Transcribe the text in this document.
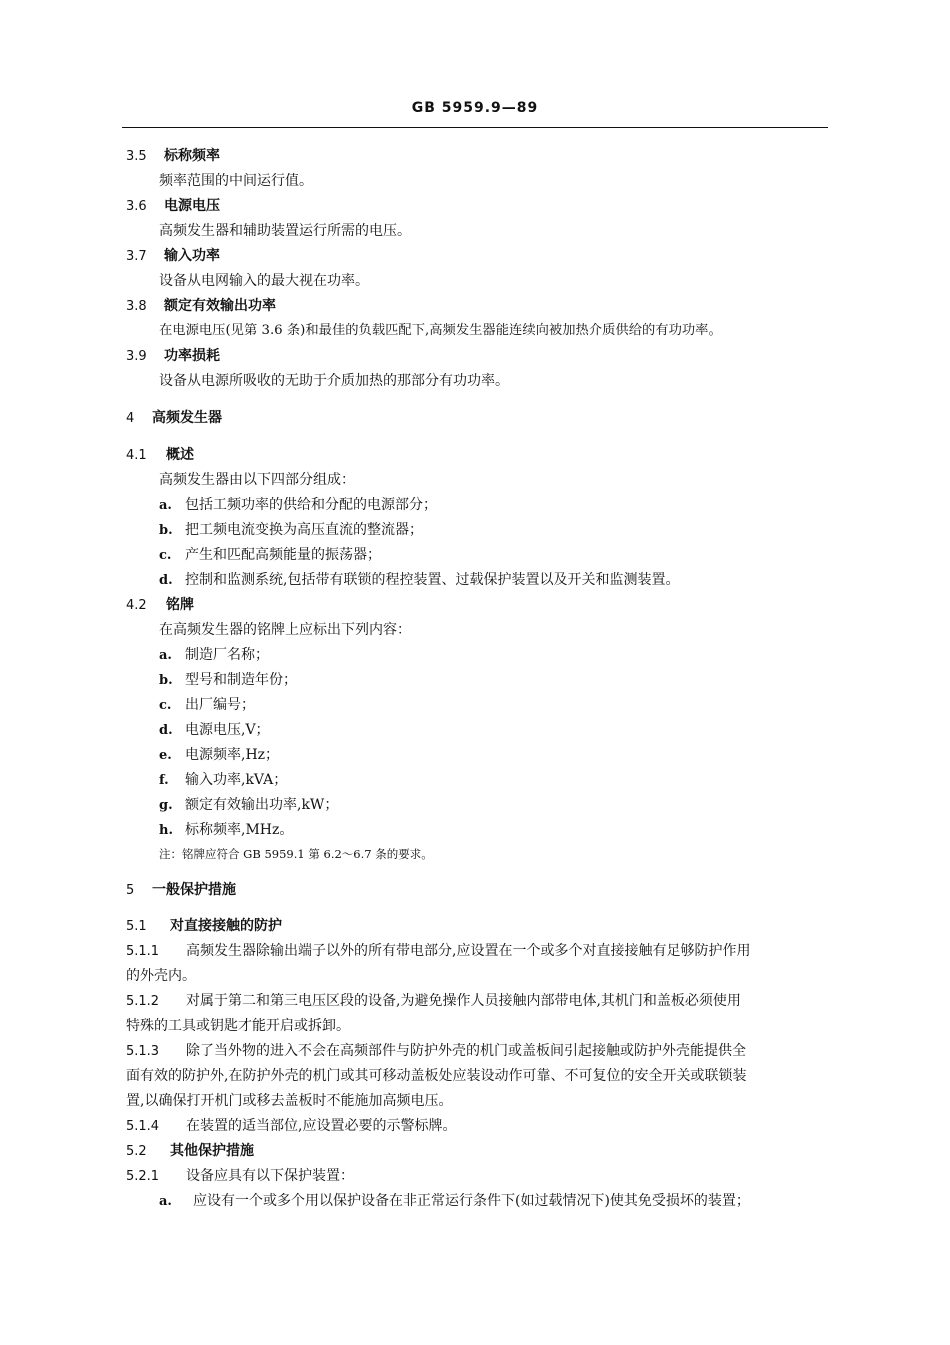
GB 5959.9—89
3.5 标称频率
频率范围的中间运行值。
3.6 电源电压
高频发生器和辅助装置运行所需的电压。
3.7 输入功率
设备从电网输入的最大视在功率。
3.8 额定有效输出功率
在电源电压(见第 3.6 条)和最佳的负载匹配下,高频发生器能连续向被加热介质供给的有功功率。
3.9 功率损耗
设备从电源所吸收的无助于介质加热的那部分有功功率。
4 高频发生器
4.1 概述
高频发生器由以下四部分组成：
a. 包括工频功率的供给和分配的电源部分；
b. 把工频电流变换为高压直流的整流器；
c. 产生和匹配高频能量的振荡器；
d. 控制和监测系统,包括带有联锁的程控装置、过载保护装置以及开关和监测装置。
4.2 铭牌
在高频发生器的铭牌上应标出下列内容：
a. 制造厂名称；
b. 型号和制造年份；
c. 出厂编号；
d. 电源电压,V；
e. 电源频率,Hz；
f. 输入功率,kVA；
g. 额定有效输出功率,kW；
h. 标称频率,MHz。
注：铭牌应符合 GB 5959.1 第 6.2～6.7 条的要求。
5 一般保护措施
5.1 对直接接触的防护
5.1.1 高频发生器除输出端子以外的所有带电部分,应设置在一个或多个对直接接触有足够防护作用
的外壳内。
5.1.2 对属于第二和第三电压区段的设备,为避免操作人员接触内部带电体,其机门和盖板必须使用
特殊的工具或钥匙才能开启或拆卸。
5.1.3 除了当外物的进入不会在高频部件与防护外壳的机门或盖板间引起接触或防护外壳能提供全
面有效的防护外,在防护外壳的机门或其可移动盖板处应装设动作可靠、不可复位的安全开关或联锁装
置,以确保打开机门或移去盖板时不能施加高频电压。
5.1.4 在装置的适当部位,应设置必要的示警标牌。
5.2 其他保护措施
5.2.1 设备应具有以下保护装置：
a. 应设有一个或多个用以保护设备在非正常运行条件下(如过载情况下)使其免受损坏的装置；
